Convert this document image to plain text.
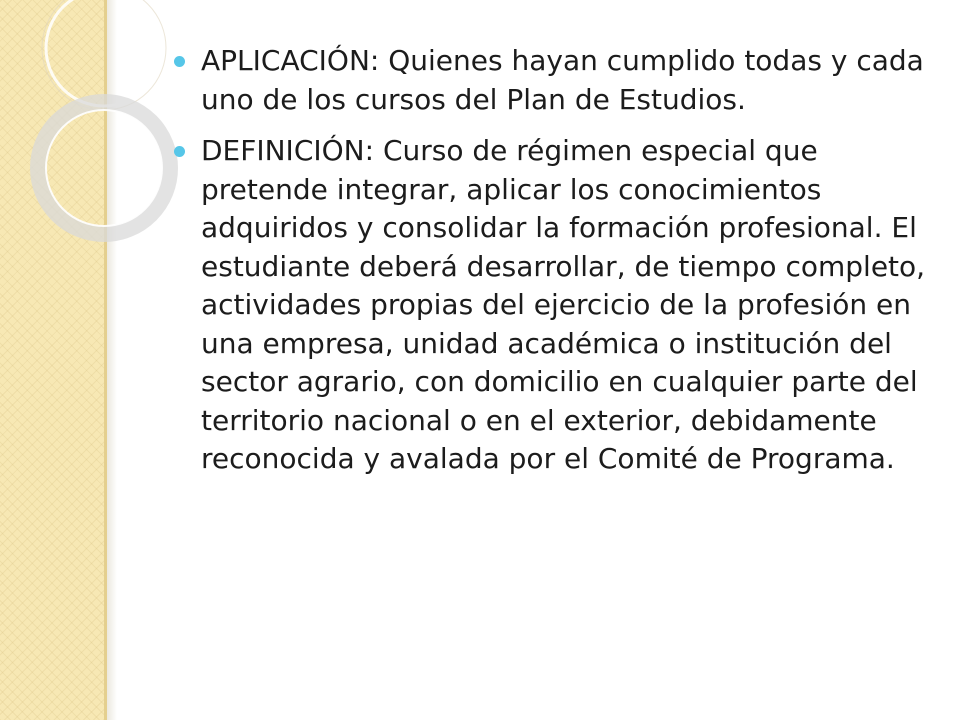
APLICACIÓN: Quienes hayan cumplido todas y cada uno de los cursos del Plan de Estudios.
DEFINICIÓN: Curso de régimen especial que pretende integrar, aplicar los conocimientos adquiridos y consolidar la formación profesional. El estudiante deberá desarrollar, de tiempo completo, actividades propias del ejercicio de la profesión en una empresa, unidad académica o institución del sector agrario, con domicilio en cualquier parte del territorio nacional o en el exterior, debidamente reconocida y avalada por el Comité de Programa.
